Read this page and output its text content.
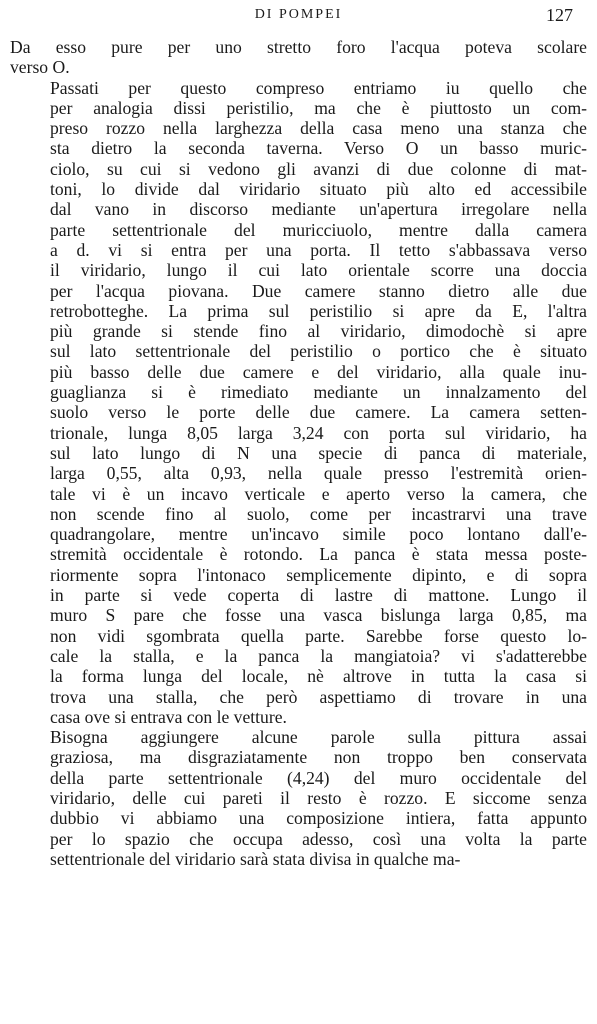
DI POMPEI	127

Da esso pure per uno stretto foro l'acqua poteva scolare
verso O.

Passati per questo compreso entriamo iu quello che
per analogia dissi peristilio, ma che è piuttosto un com-
preso rozzo nella larghezza della casa meno una stanza che
sta dietro la seconda taverna. Verso O un basso muric-
ciolo, su cui si vedono gli avanzi di due colonne di mat-
toni, lo divide dal viridario situato più alto ed accessibile
dal vano in discorso mediante un'apertura irregolare nella
parte settentrionale del muricciuolo, mentre dalla camera
a d. vi si entra per una porta. Il tetto s'abbassava verso
il viridario, lungo il cui lato orientale scorre una doccia
per l'acqua piovana. Due camere stanno dietro alle due
retrobotteghe. La prima sul peristilio si apre da E, l'altra
più grande si stende fino al viridario, dimodochè si apre
sul lato settentrionale del peristilio o portico che è situato
più basso delle due camere e del viridario, alla quale inu-
guaglianza si è rimediato mediante un innalzamento del
suolo verso le porte delle due camere. La camera setten-
trionale, lunga 8,05 larga 3,24 con porta sul viridario, ha
sul lato lungo di N una specie di panca di materiale,
larga 0,55, alta 0,93, nella quale presso l'estremità orien-
tale vi è un incavo verticale e aperto verso la camera, che
non scende fino al suolo, come per incastrarvi una trave
quadrangolare, mentre un'incavo simile poco lontano dall'e-
stremità occidentale è rotondo. La panca è stata messa poste-
riormente sopra l'intonaco semplicemente dipinto, e di sopra
in parte si vede coperta di lastre di mattone. Lungo il
muro S pare che fosse una vasca bislunga larga 0,85, ma
non vidi sgombrata quella parte. Sarebbe forse questo lo-
cale la stalla, e la panca la mangiatoia? vi s'adatterebbe
la forma lunga del locale, nè altrove in tutta la casa si
trova una stalla, che però aspettiamo di trovare in una
casa ove si entrava con le vetture.

Bisogna aggiungere alcune parole sulla pittura assai
graziosa, ma disgraziatamente non troppo ben conservata
della parte settentrionale (4,24) del muro occidentale del
viridario, delle cui pareti il resto è rozzo. E siccome senza
dubbio vi abbiamo una composizione intiera, fatta appunto
per lo spazio che occupa adesso, così una volta la parte
settentrionale del viridario sarà stata divisa in qualche ma-
